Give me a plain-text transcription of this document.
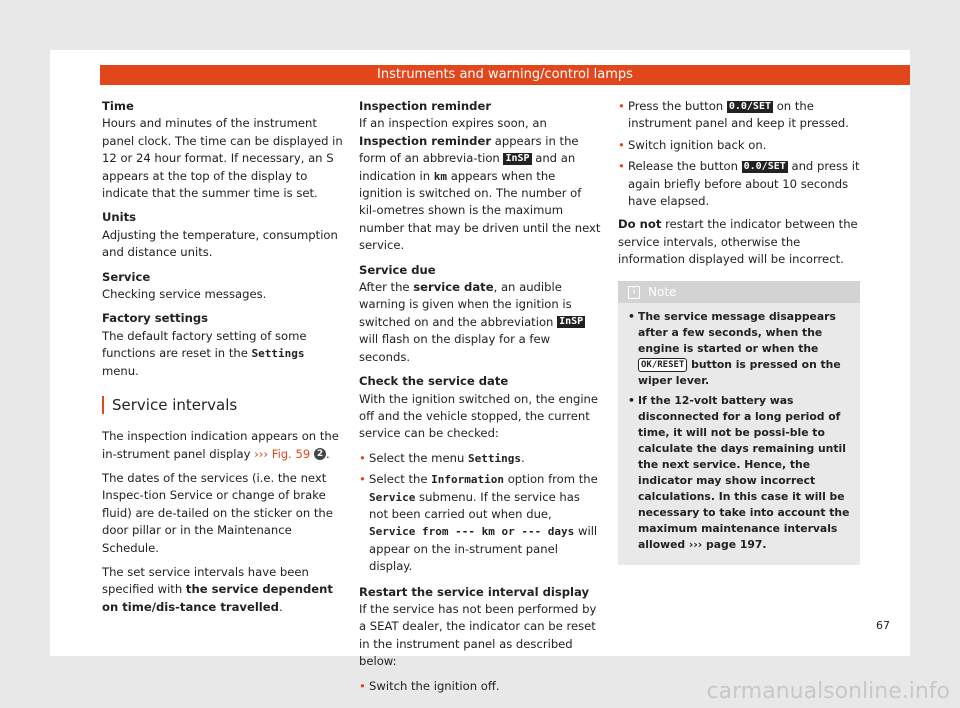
Instruments and warning/control lamps
Time

Hours and minutes of the instrument panel clock. The time can be displayed in 12 or 24 hour format. If necessary, an S appears at the top of the display to indicate that the summer time is set.

Units

Adjusting the temperature, consumption and distance units.

Service

Checking service messages.

Factory settings

The default factory setting of some functions are reset in the Settings menu.

Service intervals

The inspection indication appears on the in-strument panel display ››› Fig. 59 2 .

The dates of the services (i.e. the next Inspec-tion Service or change of brake fluid) are de-tailed on the sticker on the door pillar or in the Maintenance Schedule.

The set service intervals have been specified with the service dependent on time/dis-tance travelled.

Inspection reminder

If an inspection expires soon, an Inspection reminder appears in the form of an abbrevia-tion InSP and an indication in km appears when the ignition is switched on. The number of kil-ometres shown is the maximum number that may be driven until the next service.

Service due

After the service date, an audible warning is given when the ignition is switched on and the abbreviation InSP will flash on the display for a few seconds.

Check the service date

With the ignition switched on, the engine off and the vehicle stopped, the current service can be checked:

• Select the menu Settings.
• Select the Information option from the Service submenu. If the service has not been carried out when due, Service from --- km or --- days will appear on the in-strument panel display.
Restart the service interval display

If the service has not been performed by a SEAT dealer, the indicator can be reset in the instrument panel as described below:

• Switch the ignition off.
• Press the button 0.0/SET on the instrument panel and keep it pressed.
• Switch ignition back on.
• Release the button 0.0/SET and press it again briefly before about 10 seconds have elapsed.

Do not restart the indicator between the service intervals, otherwise the information displayed will be incorrect.

i Note
• The service message disappears after a few seconds, when the engine is started or when the OK/RESET button is pressed on the wiper lever.
• If the 12-volt battery was disconnected for a long period of time, it will not be possi-ble to calculate the days remaining until the next service. Hence, the indicator may show incorrect calculations. In this case it will be necessary to take into account the maximum maintenance intervals allowed ››› page 197.
67
carmanualsonline.info
